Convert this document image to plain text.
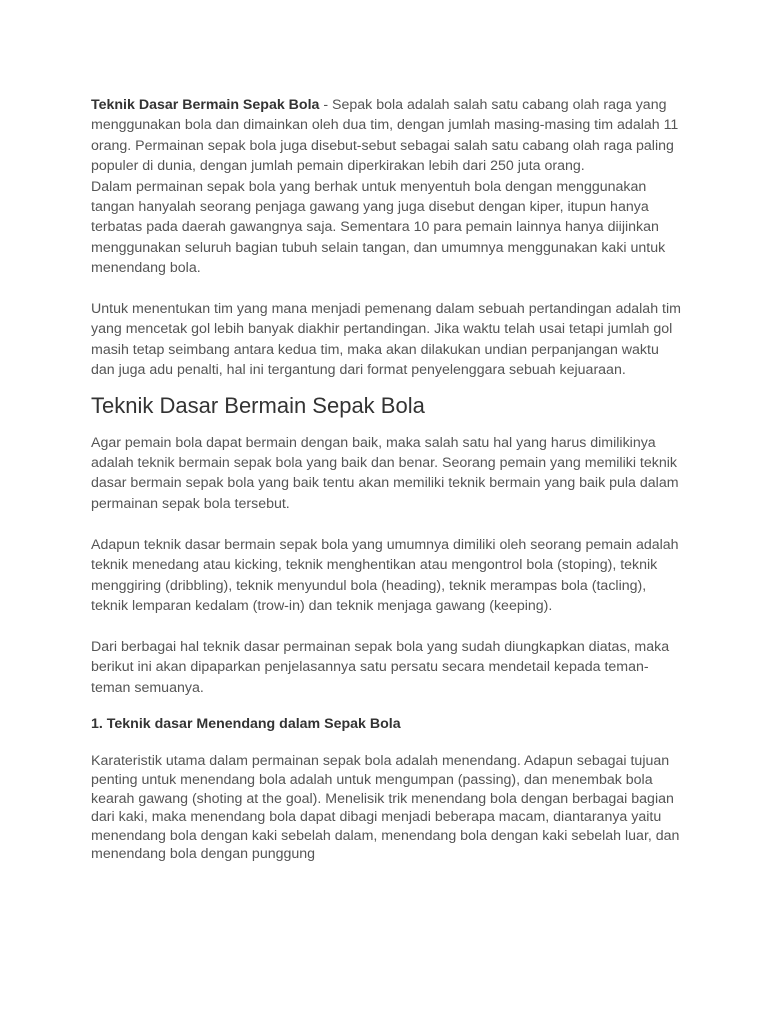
Teknik Dasar Bermain Sepak Bola - Sepak bola adalah salah satu cabang olah raga yang menggunakan bola dan dimainkan oleh dua tim, dengan jumlah masing-masing tim adalah 11 orang. Permainan sepak bola juga disebut-sebut sebagai salah satu cabang olah raga paling populer di dunia, dengan jumlah pemain diperkirakan lebih dari 250 juta orang.

Dalam permainan sepak bola yang berhak untuk menyentuh bola dengan menggunakan tangan hanyalah seorang penjaga gawang yang juga disebut dengan kiper, itupun hanya terbatas pada daerah gawangnya saja. Sementara 10 para pemain lainnya hanya diijinkan menggunakan seluruh bagian tubuh selain tangan, dan umumnya menggunakan kaki untuk menendang bola.

Untuk menentukan tim yang mana menjadi pemenang dalam sebuah pertandingan adalah tim yang mencetak gol lebih banyak diakhir pertandingan. Jika waktu telah usai tetapi jumlah gol masih tetap seimbang antara kedua tim, maka akan dilakukan undian perpanjangan waktu dan juga adu penalti, hal ini tergantung dari format penyelenggara sebuah kejuaraan.

Teknik Dasar Bermain Sepak Bola

Agar pemain bola dapat bermain dengan baik, maka salah satu hal yang harus dimilikinya adalah teknik bermain sepak bola yang baik dan benar. Seorang pemain yang memiliki teknik dasar bermain sepak bola yang baik tentu akan memiliki teknik bermain yang baik pula dalam permainan sepak bola tersebut.

Adapun teknik dasar bermain sepak bola yang umumnya dimiliki oleh seorang pemain adalah teknik menedang atau kicking, teknik menghentikan atau mengontrol bola (stoping), teknik menggiring (dribbling), teknik menyundul bola (heading), teknik merampas bola (tacling), teknik lemparan kedalam (trow-in) dan teknik menjaga gawang (keeping).

Dari berbagai hal teknik dasar permainan sepak bola yang sudah diungkapkan diatas, maka berikut ini akan dipaparkan penjelasannya satu persatu secara mendetail kepada teman-teman semuanya.

1. Teknik dasar Menendang dalam Sepak Bola

Karateristik utama dalam permainan sepak bola adalah menendang. Adapun sebagai tujuan penting untuk menendang bola adalah untuk mengumpan (passing), dan menembak bola kearah gawang (shoting at the goal). Menelisik trik menendang bola dengan berbagai bagian dari kaki, maka menendang bola dapat dibagi menjadi beberapa macam, diantaranya yaitu menendang bola dengan kaki sebelah dalam, menendang bola dengan kaki sebelah luar, dan menendang bola dengan punggung
